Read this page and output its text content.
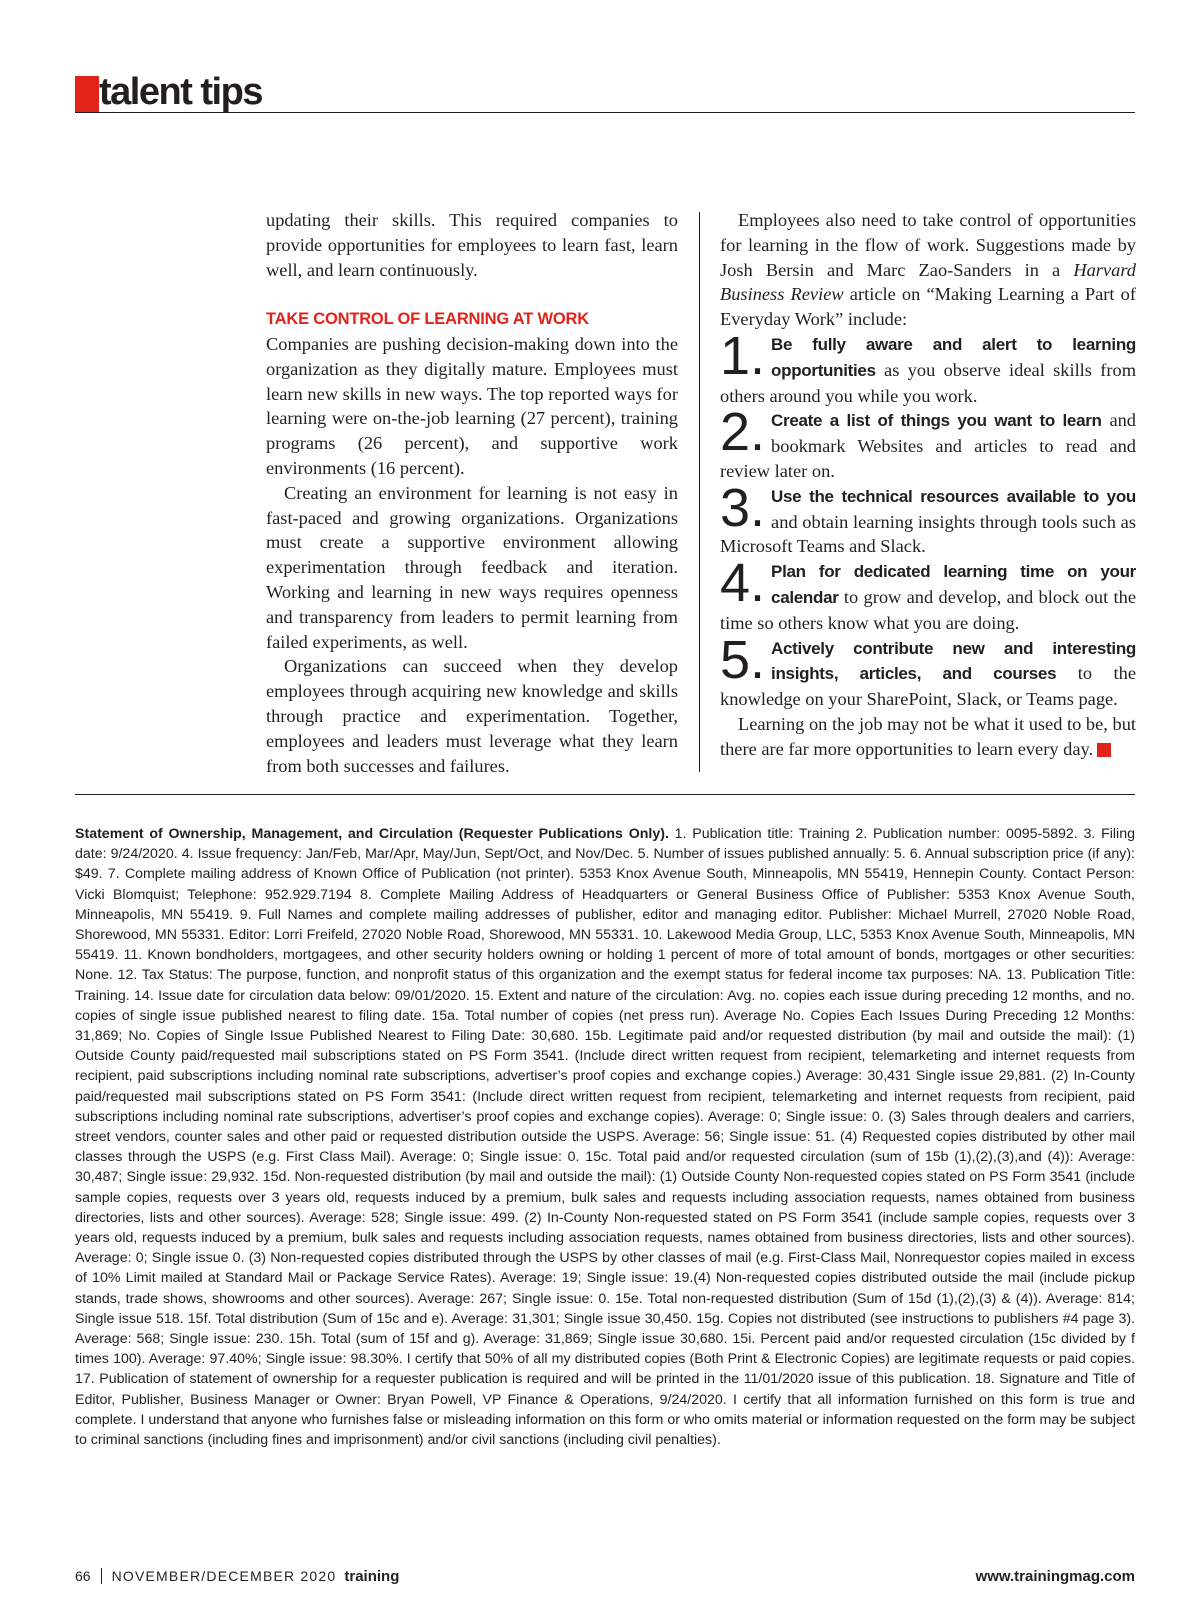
talent tips

updating their skills. This required companies to provide opportunities for employees to learn fast, learn well, and learn continuously.

TAKE CONTROL OF LEARNING AT WORK

Companies are pushing decision-making down into the organization as they digitally mature. Employees must learn new skills in new ways. The top reported ways for learning were on-the-job learning (27 percent), training programs (26 percent), and supportive work environments (16 percent).

Creating an environment for learning is not easy in fast-paced and growing organizations. Organizations must create a supportive environment allowing experimentation through feedback and iteration. Working and learning in new ways requires openness and transparency from leaders to permit learning from failed experiments, as well.

Organizations can succeed when they develop employees through acquiring new knowledge and skills through practice and experimentation. Together, employees and leaders must leverage what they learn from both successes and failures.

Employees also need to take control of opportunities for learning in the flow of work. Suggestions made by Josh Bersin and Marc Zao-Sanders in a Harvard Business Review article on “Making Learning a Part of Everyday Work” include:

1. Be fully aware and alert to learning opportunities as you observe ideal skills from others around you while you work.

2. Create a list of things you want to learn and bookmark Websites and articles to read and review later on.

3. Use the technical resources available to you and obtain learning insights through tools such as Microsoft Teams and Slack.

4. Plan for dedicated learning time on your calendar to grow and develop, and block out the time so others know what you are doing.

5. Actively contribute new and interesting insights, articles, and courses to the knowledge on your SharePoint, Slack, or Teams page.

Learning on the job may not be what it used to be, but there are far more opportunities to learn every day. t

Statement of Ownership, Management, and Circulation (Requester Publications Only). 1. Publication title: Training 2. Publication number: 0095-5892. 3. Filing date: 9/24/2020. 4. Issue frequency: Jan/Feb, Mar/Apr, May/Jun, Sept/Oct, and Nov/Dec. 5. Number of issues published annually: 5. 6. Annual subscription price (if any): $49. 7. Complete mailing address of Known Office of Publication (not printer). 5353 Knox Avenue South, Minneapolis, MN 55419, Hennepin County. Contact Person: Vicki Blomquist; Telephone: 952.929.7194 8. Complete Mailing Address of Headquarters or General Business Office of Publisher: 5353 Knox Avenue South, Minneapolis, MN 55419. 9. Full Names and complete mailing addresses of publisher, editor and managing editor. Publisher: Michael Murrell, 27020 Noble Road, Shorewood, MN 55331. Editor: Lorri Freifeld, 27020 Noble Road, Shorewood, MN 55331. 10. Lakewood Media Group, LLC, 5353 Knox Avenue South, Minneapolis, MN 55419. 11. Known bondholders, mortgagees, and other security holders owning or holding 1 percent of more of total amount of bonds, mortgages or other securities: None. 12. Tax Status: The purpose, function, and nonprofit status of this organization and the exempt status for federal income tax purposes: NA. 13. Publication Title: Training. 14. Issue date for circulation data below: 09/01/2020. 15. Extent and nature of the circulation: Avg. no. copies each issue during preceding 12 months, and no. copies of single issue published nearest to filing date. 15a. Total number of copies (net press run). Average No. Copies Each Issues During Preceding 12 Months: 31,869; No. Copies of Single Issue Published Nearest to Filing Date: 30,680. 15b. Legitimate paid and/or requested distribution (by mail and outside the mail): (1) Outside County paid/requested mail subscriptions stated on PS Form 3541. (Include direct written request from recipient, telemarketing and internet requests from recipient, paid subscriptions including nominal rate subscriptions, advertiser’s proof copies and exchange copies.) Average: 30,431 Single issue 29,881. (2) In-County paid/requested mail subscriptions stated on PS Form 3541: (Include direct written request from recipient, telemarketing and internet requests from recipient, paid subscriptions including nominal rate subscriptions, advertiser’s proof copies and exchange copies). Average: 0; Single issue: 0. (3) Sales through dealers and carriers, street vendors, counter sales and other paid or requested distribution outside the USPS. Average: 56; Single issue: 51. (4) Requested copies distributed by other mail classes through the USPS (e.g. First Class Mail). Average: 0; Single issue: 0. 15c. Total paid and/or requested circulation (sum of 15b (1),(2),(3),and (4)): Average: 30,487; Single issue: 29,932. 15d. Non-requested distribution (by mail and outside the mail): (1) Outside County Non-requested copies stated on PS Form 3541 (include sample copies, requests over 3 years old, requests induced by a premium, bulk sales and requests including association requests, names obtained from business directories, lists and other sources). Average: 528; Single issue: 499. (2) In-County Non-requested stated on PS Form 3541 (include sample copies, requests over 3 years old, requests induced by a premium, bulk sales and requests including association requests, names obtained from business directories, lists and other sources). Average: 0; Single issue 0. (3) Non-requested copies distributed through the USPS by other classes of mail (e.g. First-Class Mail, Nonrequestor copies mailed in excess of 10% Limit mailed at Standard Mail or Package Service Rates). Average: 19; Single issue: 19.(4) Non-requested copies distributed outside the mail (include pickup stands, trade shows, showrooms and other sources). Average: 267; Single issue: 0. 15e. Total non-requested distribution (Sum of 15d (1),(2),(3) & (4)). Average: 814; Single issue 518. 15f. Total distribution (Sum of 15c and e). Average: 31,301; Single issue 30,450. 15g. Copies not distributed (see instructions to publishers #4 page 3). Average: 568; Single issue: 230. 15h. Total (sum of 15f and g). Average: 31,869; Single issue 30,680. 15i. Percent paid and/or requested circulation (15c divided by f times 100). Average: 97.40%; Single issue: 98.30%. I certify that 50% of all my distributed copies (Both Print & Electronic Copies) are legitimate requests or paid copies. 17. Publication of statement of ownership for a requester publication is required and will be printed in the 11/01/2020 issue of this publication. 18. Signature and Title of Editor, Publisher, Business Manager or Owner: Bryan Powell, VP Finance & Operations, 9/24/2020. I certify that all information furnished on this form is true and complete. I understand that anyone who furnishes false or misleading information on this form or who omits material or information requested on the form may be subject to criminal sanctions (including fines and imprisonment) and/or civil sanctions (including civil penalties).
66 NOVEMBER/DECEMBER 2020 training	www.trainingmag.com
